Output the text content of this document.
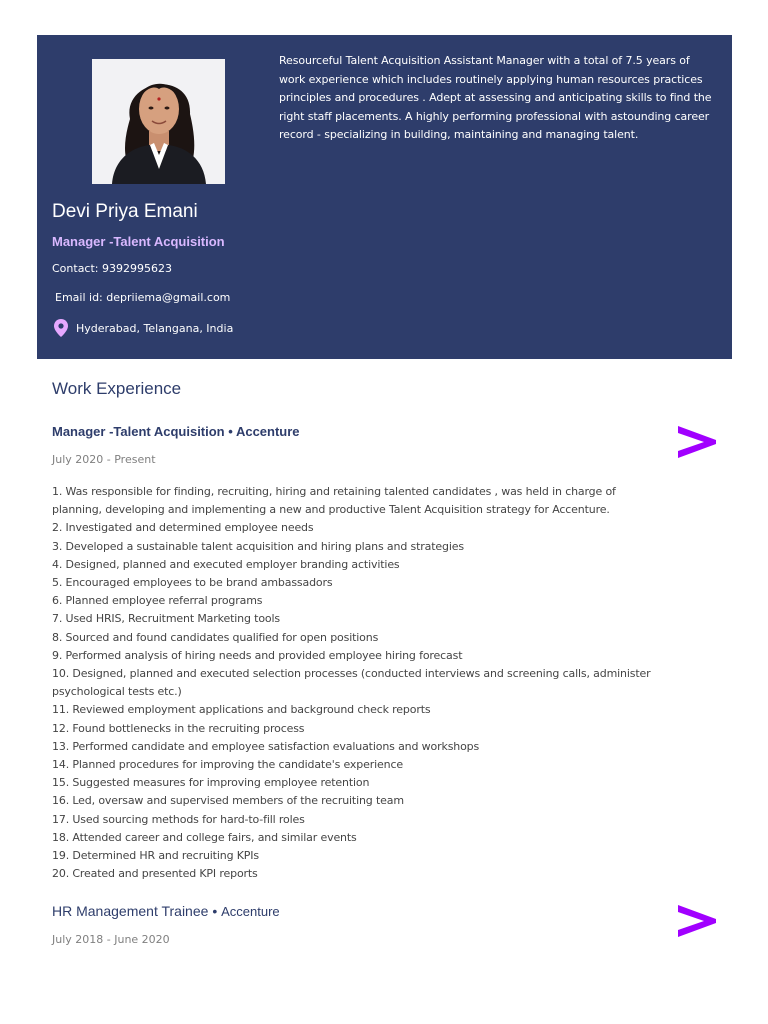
Resourceful Talent Acquisition Assistant Manager with a total of 7.5 years of work experience which includes routinely applying human resources practices principles and procedures . Adept at assessing and anticipating skills to find the right staff placements. A highly performing professional with astounding career record - specializing in building, maintaining and managing talent.
Devi Priya Emani
Manager -Talent Acquisition
Contact: 9392995623
Email id: depriiema@gmail.com
Hyderabad, Telangana, India
Work Experience
Manager -Talent Acquisition • Accenture
July 2020 - Present
1. Was responsible for finding, recruiting, hiring and retaining talented candidates , was held in charge of planning, developing and implementing a new and productive Talent Acquisition strategy for Accenture.
2. Investigated and determined employee needs
3. Developed a sustainable talent acquisition and hiring plans and strategies
4. Designed, planned and executed employer branding activities
5. Encouraged employees to be brand ambassadors
6. Planned employee referral programs
7. Used HRIS, Recruitment Marketing tools
8. Sourced and found candidates qualified for open positions
9. Performed analysis of hiring needs and provided employee hiring forecast
10. Designed, planned and executed selection processes (conducted interviews and screening calls, administer psychological tests etc.)
11. Reviewed employment applications and background check reports
12. Found bottlenecks in the recruiting process
13. Performed candidate and employee satisfaction evaluations and workshops
14. Planned procedures for improving the candidate's experience
15. Suggested measures for improving employee retention
16. Led, oversaw and supervised members of the recruiting team
17. Used sourcing methods for hard-to-fill roles
18. Attended career and college fairs, and similar events
19. Determined HR and recruiting KPIs
20. Created and presented KPI reports
HR Management Trainee • Accenture
July 2018 - June 2020
